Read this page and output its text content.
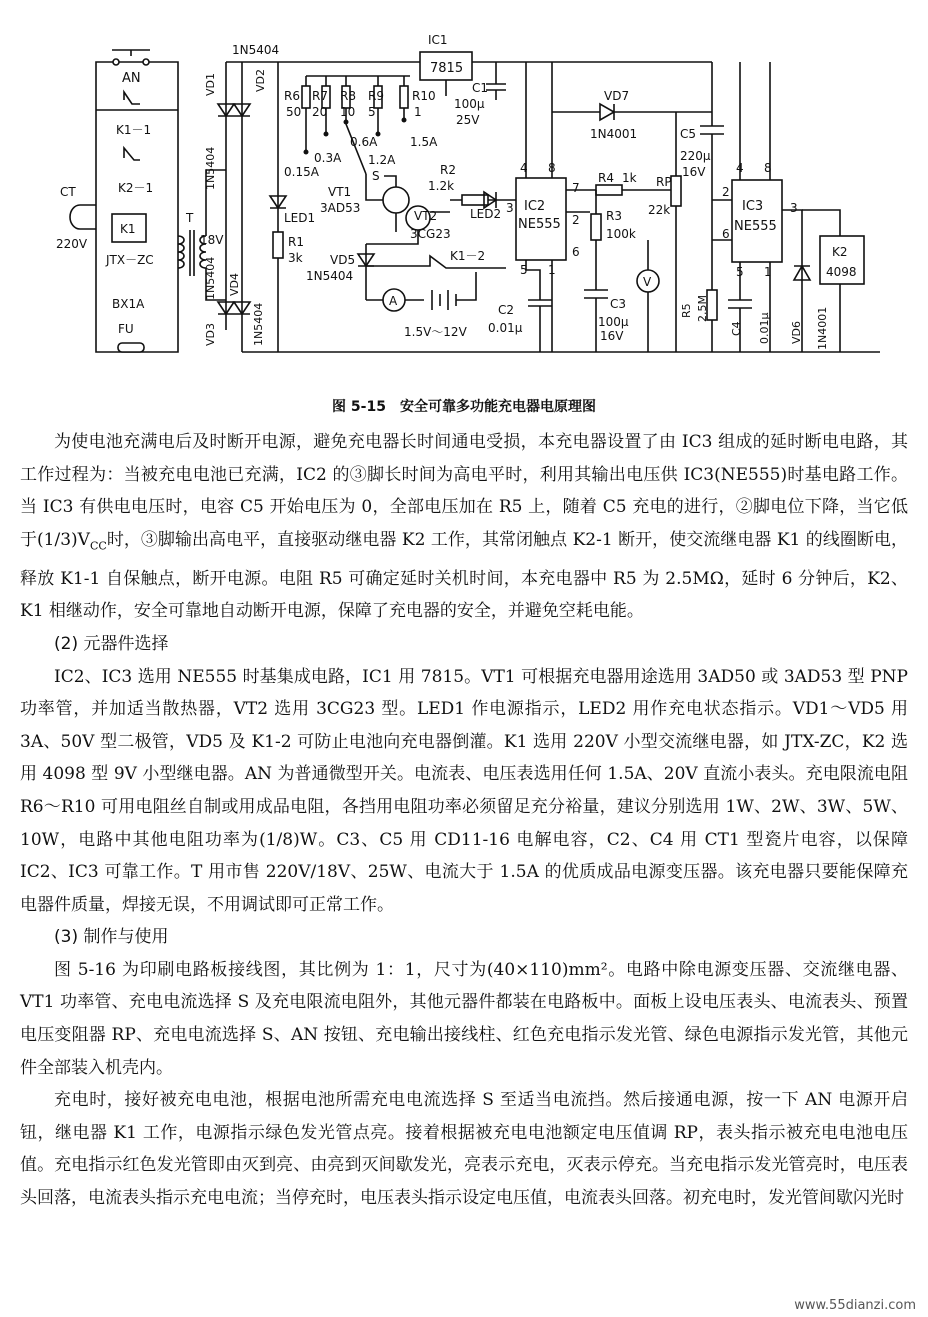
AN
K1－1
K2－1
CT
220V
K1
JTX－ZC
BX1A
FU
T
18V
1N5404
VD1	VD2
1N5404
1N5404
1N5404
VD3
VD4
LED1
R1
3k
R6
50
R7
20
R8
10
R9
5
R10
1
0.15A
0.3A
0.6A
1.2A
1.5A
S
VT1
3AD53
VT2
3CG23
VD5
1N5404
K1－2
A
1.5V～12V
IC1
7815
C1
100μ
25V
VD7
1N4001
R2
1.2k
LED2 IC2
NE555
4 8
7
3
2
6
5 1
C2
0.01μ
R4 1k
R3
100k
RP
22k
V
C3
100μ
16V
C5
220μ
16V
IC3
NE555
4 8
2
6
3
5 1
R5 2.5M
C4 0.01μ VD6 1N4001
K2
4098
图 5-15　安全可靠多功能充电器电原理图

为使电池充满电后及时断开电源，避免充电器长时间通电受损，本充电器设置了由 IC3 组成的延时断电电路，其工作过程为：当被充电电池已充满，IC2 的③脚长时间为高电平时，利用其输出电压供 IC3(NE555)时基电路工作。当 IC3 有供电电压时，电容 C5 开始电压为 0，全部电压加在 R5 上，随着 C5 充电的进行，②脚电位下降，当它低于$(1/3)V_{CC}$时，③脚输出高电平，直接驱动继电器 K2 工作，其常闭触点 K2-1 断开，使交流继电器 K1 的线圈断电，释放 K1-1 自保触点，断开电源。电阻 R5 可确定延时关机时间，本充电器中 R5 为 2.5MΩ，延时 6 分钟后，K2、K1 相继动作，安全可靠地自动断开电源，保障了充电器的安全，并避免空耗电能。

(2) 元器件选择

IC2、IC3 选用 NE555 时基集成电路，IC1 用 7815。VT1 可根据充电器用途选用 3AD50 或 3AD53 型 PNP 功率管，并加适当散热器，VT2 选用 3CG23 型。LED1 作电源指示，LED2 用作充电状态指示。VD1～VD5 用 3A、50V 型二极管，VD5 及 K1-2 可防止电池向充电器倒灌。K1 选用 220V 小型交流继电器，如 JTX-ZC，K2 选用 4098 型 9V 小型继电器。AN 为普通微型开关。电流表、电压表选用任何 1.5A、20V 直流小表头。充电限流电阻 R6～R10 可用电阻丝自制或用成品电阻，各挡用电阻功率必须留足充分裕量，建议分别选用 1W、2W、3W、5W、10W，电路中其他电阻功率为(1/8)W。C3、C5 用 CD11-16 电解电容，C2、C4 用 CT1 型瓷片电容，以保障 IC2、IC3 可靠工作。T 用市售 220V/18V、25W、电流大于 1.5A 的优质成品电源变压器。该充电器只要能保障充电器件质量，焊接无误，不用调试即可正常工作。

(3) 制作与使用

图 5-16 为印刷电路板接线图，其比例为 1：1，尺寸为(40×110)mm²。电路中除电源变压器、交流继电器、VT1 功率管、充电电流选择 S 及充电限流电阻外，其他元器件都装在电路板中。面板上设电压表头、电流表头、预置电压变阻器 RP、充电电流选择 S、AN 按钮、充电输出接线柱、红色充电指示发光管、绿色电源指示发光管，其他元件全部装入机壳内。

充电时，接好被充电电池，根据电池所需充电电流选择 S 至适当电流挡。然后接通电源，按一下 AN 电源开启钮，继电器 K1 工作，电源指示绿色发光管点亮。接着根据被充电电池额定电压值调 RP，表头指示被充电电池电压值。充电指示红色发光管即由灭到亮、由亮到灭间歇发光，亮表示充电，灭表示停充。当充电指示发光管亮时，电压表头回落，电流表头指示充电电流；当停充时，电压表头指示设定电压值，电流表头回落。初充电时，发光管间歇闪光时

www.55dianzi.com
